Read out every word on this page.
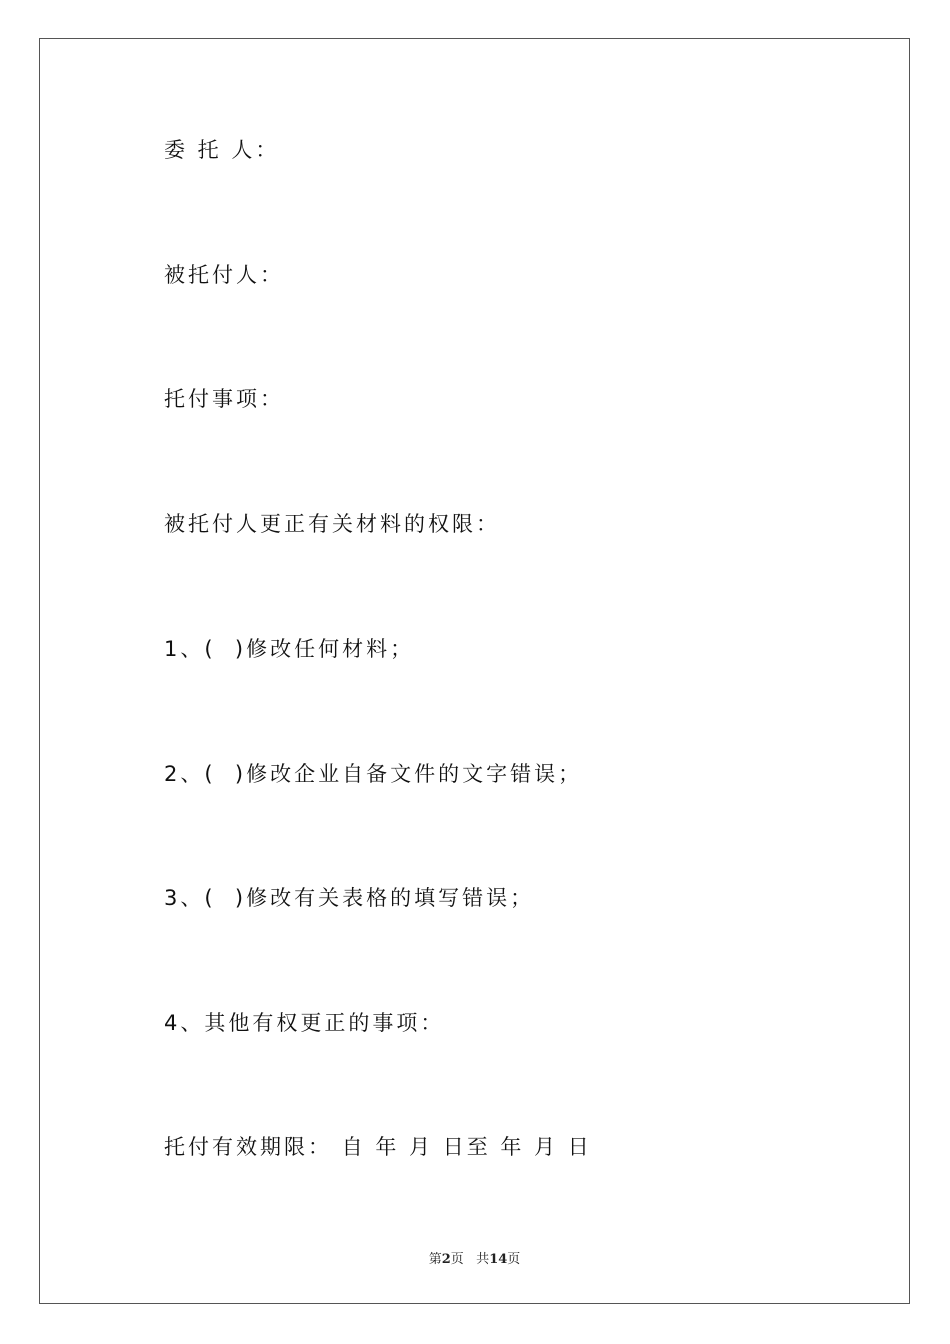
委 托 人：

被托付人：

托付事项：

被托付人更正有关材料的权限：

1、(  )修改任何材料；

2、(  )修改企业自备文件的文字错误；

3、(  )修改有关表格的填写错误；

4、其他有权更正的事项：

托付有效期限： 自 年 月 日至 年 月 日

第2页 共14页
